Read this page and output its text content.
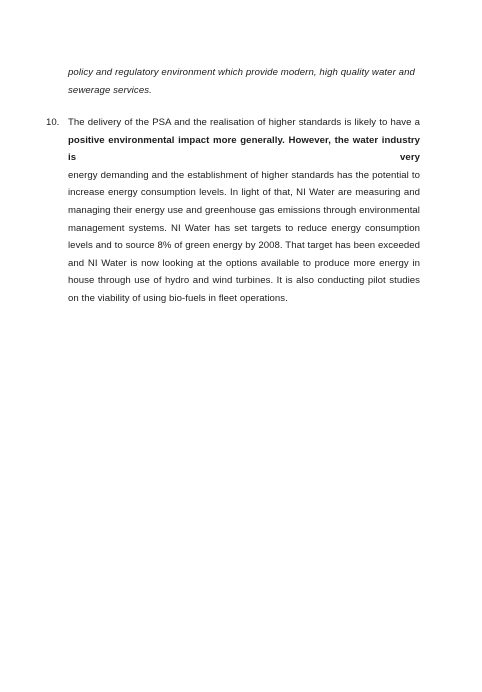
policy and regulatory environment which provide modern, high quality water and
sewerage services.
10. The delivery of the PSA and the realisation of higher standards is likely to have a
positive environmental impact more generally. However, the water industry is very
energy demanding and the establishment of higher standards has the potential to
increase energy consumption levels. In light of that, NI Water are measuring and
managing their energy use and greenhouse gas emissions through environmental
management systems. NI Water has set targets to reduce energy consumption
levels and to source 8% of green energy by 2008. That target has been exceeded
and NI Water is now looking at the options available to produce more energy in
house through use of hydro and wind turbines. It is also conducting pilot studies
on the viability of using bio-fuels in fleet operations.
